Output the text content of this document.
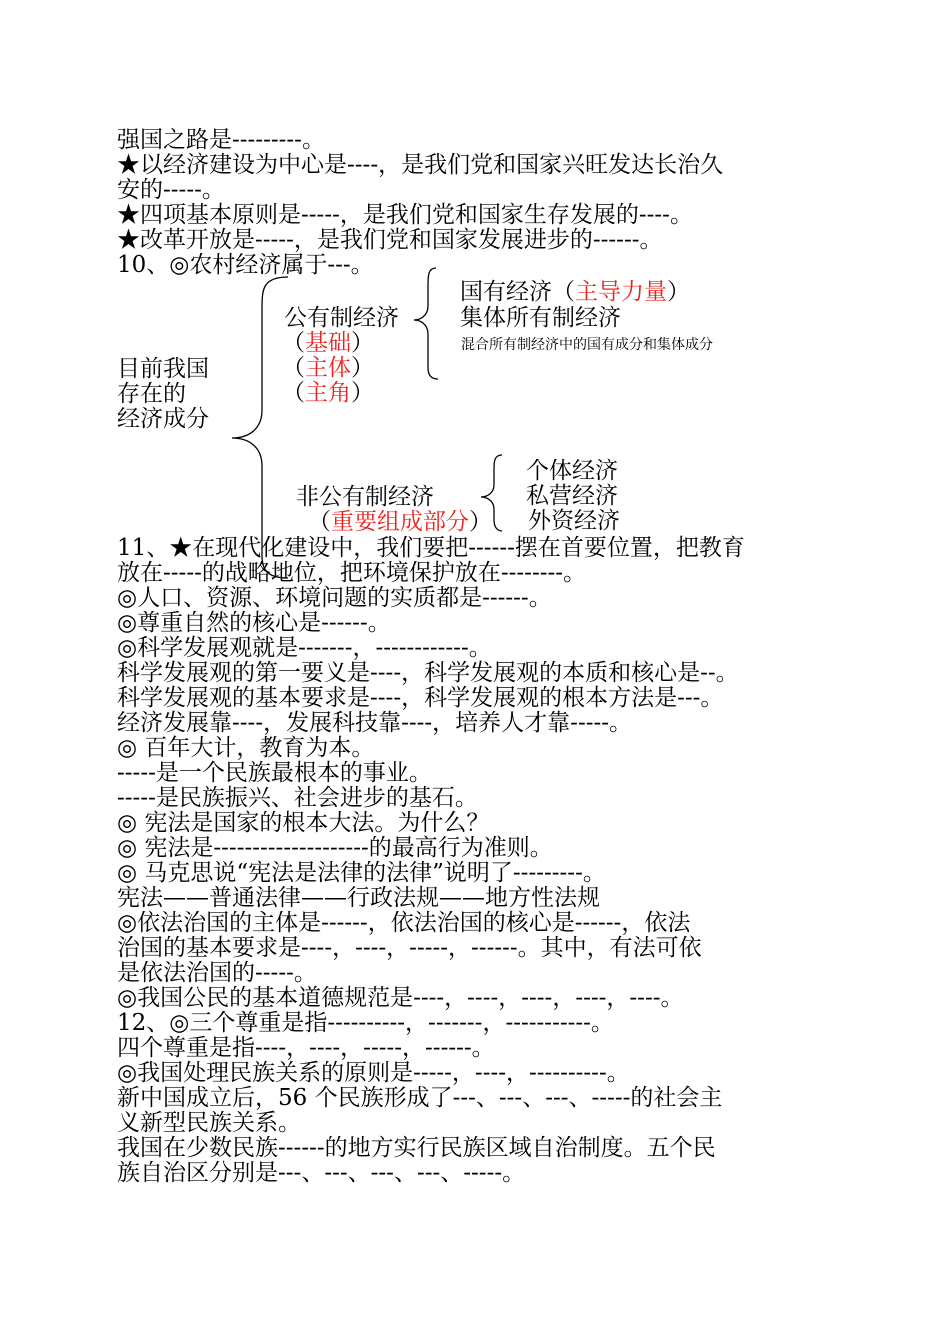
强国之路是---------。

★以经济建设为中心是----，是我们党和国家兴旺发达长治久

安的-----。

★四项基本原则是-----，是我们党和国家生存发展的----。

★改革开放是-----，是我们党和国家发展进步的------。

10、◎农村经济属于---。

目前我国

存在的

经济成分

公有制经济

（基础）

（主体）

（主角）

国有经济（主导力量）

集体所有制经济

混合所有制经济中的国有成分和集体成分

非公有制经济

（重要组成部分）

个体经济

私营经济

外资经济

11、★在现代化建设中，我们要把------摆在首要位置，把教育

放在-----的战略地位，把环境保护放在--------。

◎人口、资源、环境问题的实质都是------。

◎尊重自然的核心是------。

◎科学发展观就是-------，------------。

科学发展观的第一要义是----，科学发展观的本质和核心是--。

科学发展观的基本要求是----，科学发展观的根本方法是---。

经济发展靠----，发展科技靠----，培养人才靠-----。

◎ 百年大计，教育为本。

-----是一个民族最根本的事业。

-----是民族振兴、社会进步的基石。

◎ 宪法是国家的根本大法。为什么？

◎ 宪法是--------------------的最高行为准则。

◎ 马克思说“宪法是法律的法律”说明了---------。

宪法——普通法律——行政法规——地方性法规

◎依法治国的主体是------，依法治国的核心是------，依法

治国的基本要求是----，----，-----，------。其中，有法可依

是依法治国的-----。

◎我国公民的基本道德规范是----，----，----，----，----。

12、◎三个尊重是指----------，-------，-----------。

四个尊重是指----，----，-----，------。

◎我国处理民族关系的原则是-----，----，----------。

新中国成立后，56 个民族形成了---、---、---、-----的社会主

义新型民族关系。

我国在少数民族------的地方实行民族区域自治制度。五个民

族自治区分别是---、---、---、---、-----。
